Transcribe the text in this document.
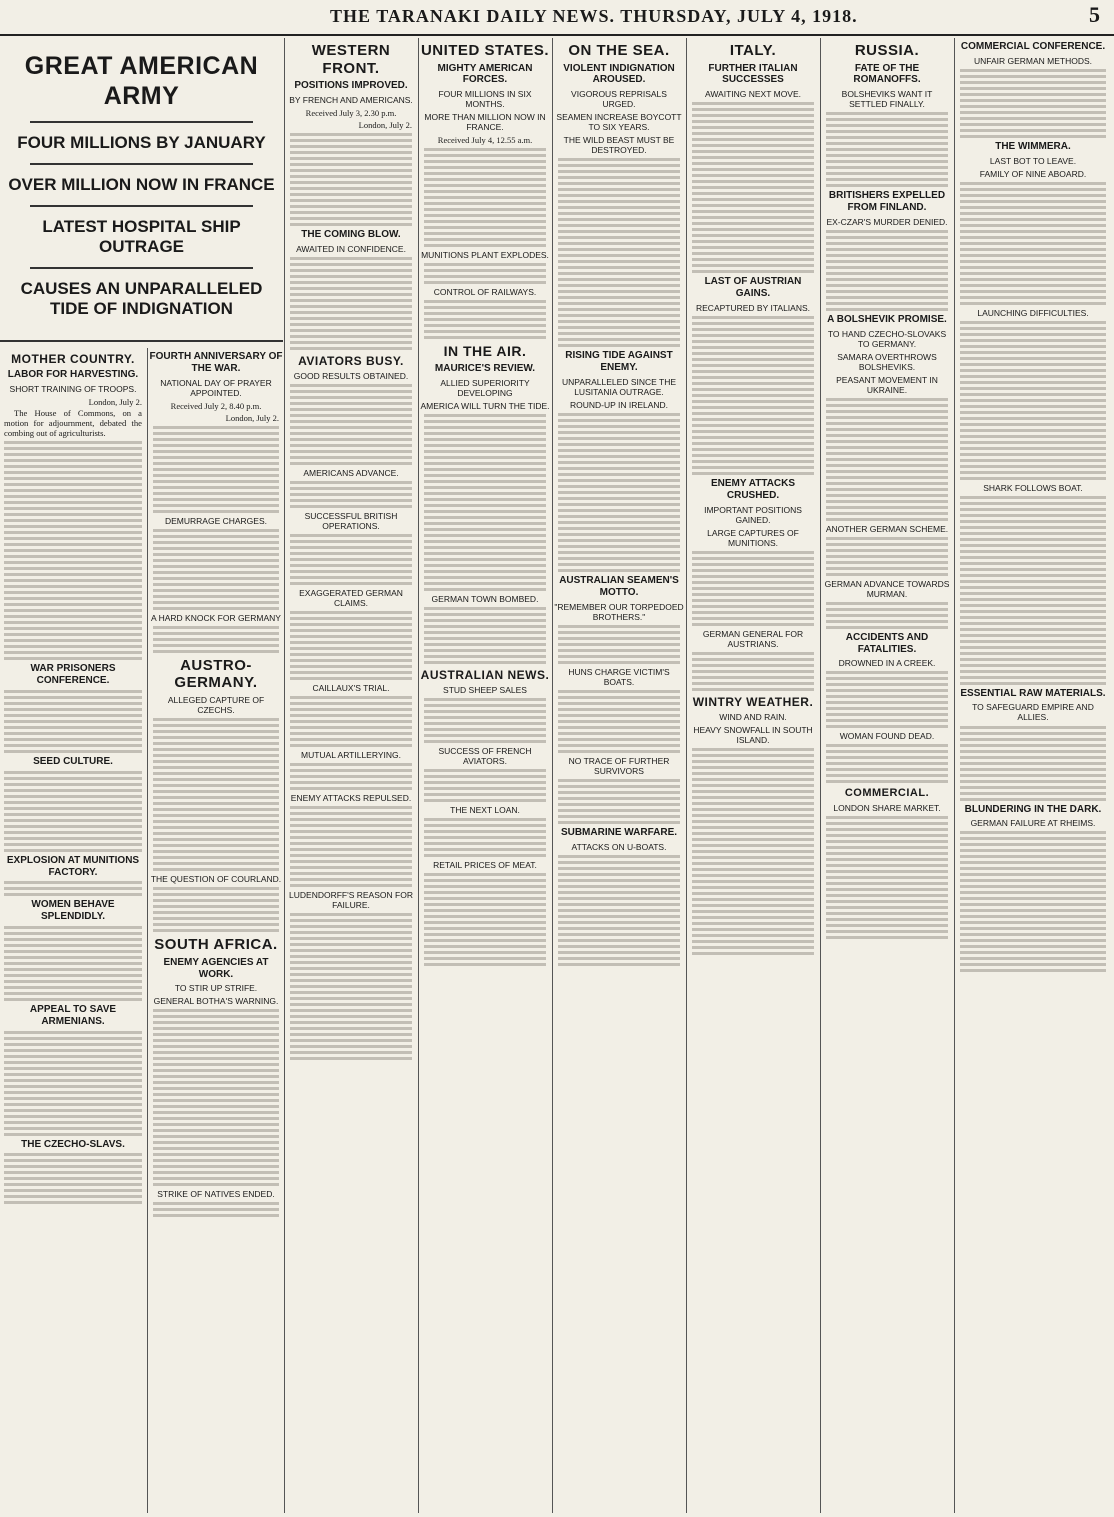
THE TARANAKI DAILY NEWS. THURSDAY, JULY 4, 1918.	5
GREAT AMERICAN ARMY
FOUR MILLIONS BY JANUARY
OVER MILLION NOW IN FRANCE
LATEST HOSPITAL SHIP OUTRAGE
CAUSES AN UNPARALLELED TIDE OF INDIGNATION
MOTHER COUNTRY.
LABOR FOR HARVESTING.
SHORT TRAINING OF TROOPS.
London, July 2.

The House of Commons, on a motion for adjournment, debated the combing out of agriculturists.

WAR PRISONERS CONFERENCE.
SEED CULTURE.
EXPLOSION AT MUNITIONS FACTORY.
WOMEN BEHAVE SPLENDIDLY.
APPEAL TO SAVE ARMENIANS.
THE CZECHO-SLAVS.
FOURTH ANNIVERSARY OF THE WAR.
NATIONAL DAY OF PRAYER APPOINTED.
Received July 2, 8.40 p.m.
London, July 2.
DEMURRAGE CHARGES.
A HARD KNOCK FOR GERMANY
AUSTRO-GERMANY.
ALLEGED CAPTURE OF CZECHS.
THE QUESTION OF COURLAND.
SOUTH AFRICA.
ENEMY AGENCIES AT WORK.
TO STIR UP STRIFE.
GENERAL BOTHA'S WARNING.
STRIKE OF NATIVES ENDED.
WESTERN FRONT.
POSITIONS IMPROVED.
BY FRENCH AND AMERICANS.
Received July 3, 2.30 p.m.
London, July 2.
THE COMING BLOW.
AWAITED IN CONFIDENCE.
AVIATORS BUSY.
GOOD RESULTS OBTAINED.
AMERICANS ADVANCE.
SUCCESSFUL BRITISH OPERATIONS.
EXAGGERATED GERMAN CLAIMS.
CAILLAUX'S TRIAL.
MUTUAL ARTILLERYING.
ENEMY ATTACKS REPULSED.
LUDENDORFF'S REASON FOR FAILURE.
UNITED STATES.
MIGHTY AMERICAN FORCES.
FOUR MILLIONS IN SIX MONTHS.
MORE THAN MILLION NOW IN FRANCE.
Received July 4, 12.55 a.m.
MUNITIONS PLANT EXPLODES.
CONTROL OF RAILWAYS.
IN THE AIR.
MAURICE'S REVIEW.
ALLIED SUPERIORITY DEVELOPING
AMERICA WILL TURN THE TIDE.
GERMAN TOWN BOMBED.
AUSTRALIAN NEWS.
STUD SHEEP SALES
SUCCESS OF FRENCH AVIATORS.
THE NEXT LOAN.
RETAIL PRICES OF MEAT.
ON THE SEA.
VIOLENT INDIGNATION AROUSED.
VIGOROUS REPRISALS URGED.
SEAMEN INCREASE BOYCOTT TO SIX YEARS.
THE WILD BEAST MUST BE DESTROYED.
RISING TIDE AGAINST ENEMY.
UNPARALLELED SINCE THE LUSITANIA OUTRAGE.
ROUND-UP IN IRELAND.
AUSTRALIAN SEAMEN'S MOTTO.
"REMEMBER OUR TORPEDOED BROTHERS."
HUNS CHARGE VICTIM'S BOATS.
NO TRACE OF FURTHER SURVIVORS
SUBMARINE WARFARE.
ATTACKS ON U-BOATS.
ITALY.
FURTHER ITALIAN SUCCESSES
AWAITING NEXT MOVE.
LAST OF AUSTRIAN GAINS.
RECAPTURED BY ITALIANS.
ENEMY ATTACKS CRUSHED.
IMPORTANT POSITIONS GAINED.
LARGE CAPTURES OF MUNITIONS.
GERMAN GENERAL FOR AUSTRIANS.
WINTRY WEATHER.
WIND AND RAIN.
HEAVY SNOWFALL IN SOUTH ISLAND.
RUSSIA.
FATE OF THE ROMANOFFS.
BOLSHEVIKS WANT IT SETTLED FINALLY.
BRITISHERS EXPELLED FROM FINLAND.
EX-CZAR'S MURDER DENIED.
A BOLSHEVIK PROMISE.
TO HAND CZECHO-SLOVAKS TO GERMANY.
SAMARA OVERTHROWS BOLSHEVIKS.
PEASANT MOVEMENT IN UKRAINE.
ANOTHER GERMAN SCHEME.
GERMAN ADVANCE TOWARDS MURMAN.
ACCIDENTS AND FATALITIES.
DROWNED IN A CREEK.
WOMAN FOUND DEAD.
COMMERCIAL.
LONDON SHARE MARKET.
COMMERCIAL CONFERENCE.
UNFAIR GERMAN METHODS.
THE WIMMERA.
LAST BOT TO LEAVE.
FAMILY OF NINE ABOARD.
LAUNCHING DIFFICULTIES.
SHARK FOLLOWS BOAT.
ESSENTIAL RAW MATERIALS.
TO SAFEGUARD EMPIRE AND ALLIES.
BLUNDERING IN THE DARK.
GERMAN FAILURE AT RHEIMS.
